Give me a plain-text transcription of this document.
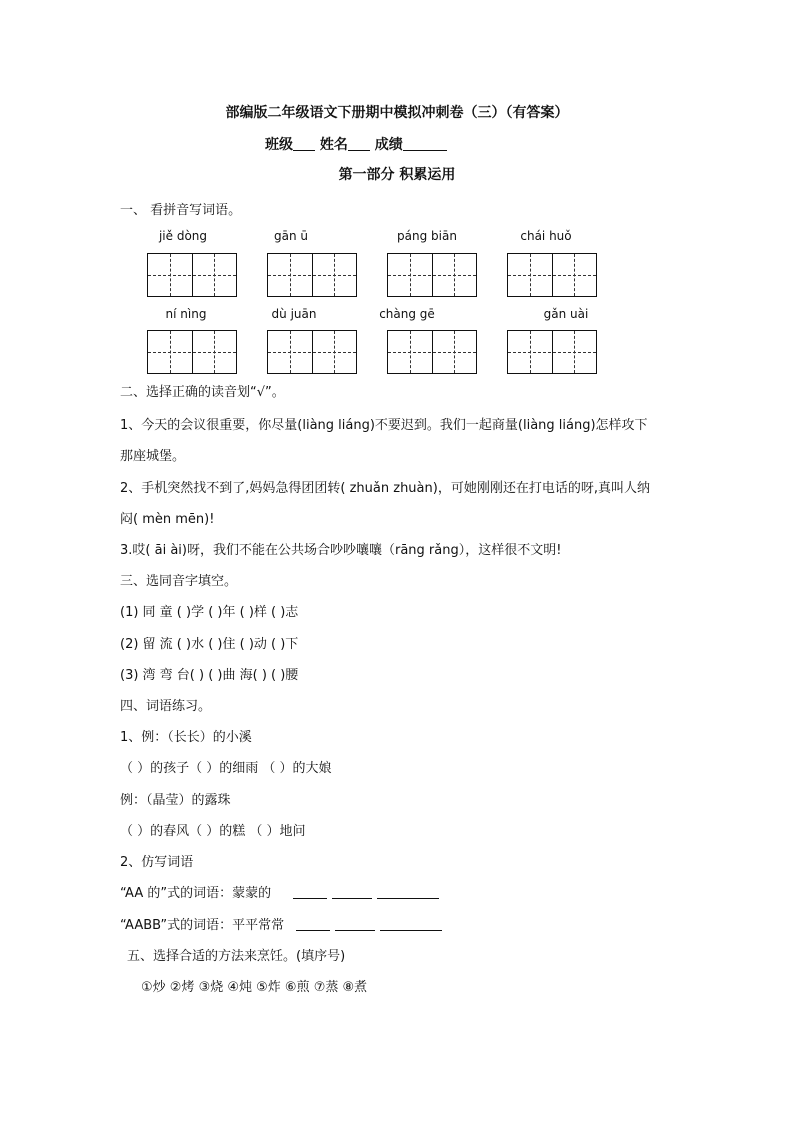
部编版二年级语文下册期中模拟冲刺卷（三）（有答案）
班级 姓名 成绩
第一部分 积累运用
一、 看拼音写词语。
jiě dòng	gān ū	páng biān	chái huǒ
ní nìng	dù juān	chàng gē	gǎn uài
二、选择正确的读音划“√”。
1、今天的会议很重要，你尽量(liàng liáng)不要迟到。我们一起商量(liàng liáng)怎样攻下
那座城堡。
2、手机突然找不到了,妈妈急得团团转( zhuǎn zhuàn)，可她刚刚还在打电话的呀,真叫人纳
闷( mèn mēn)!
3.哎( āi ài)呀，我们不能在公共场合吵吵嚷嚷（rāng rǎng），这样很不文明!
三、选同音字填空。
(1) 同 童 ( )学 ( )年 ( )样 ( )志
(2) 留 流 ( )水 ( )住 ( )动 ( )下
(3) 湾 弯 台( ) ( )曲 海( ) ( )腰
四、词语练习。
1、例：（长长）的小溪
（ ）的孩子（ ）的细雨 （ ）的大娘
例：（晶莹）的露珠
（ ）的春风（ ）的糕 （ ）地问
2、仿写词语
“AA 的”式的词语：蒙蒙的
“AABB”式的词语：平平常常
五、选择合适的方法来烹饪。(填序号)
①炒 ②烤 ③烧 ④炖 ⑤炸 ⑥煎 ⑦蒸 ⑧煮
